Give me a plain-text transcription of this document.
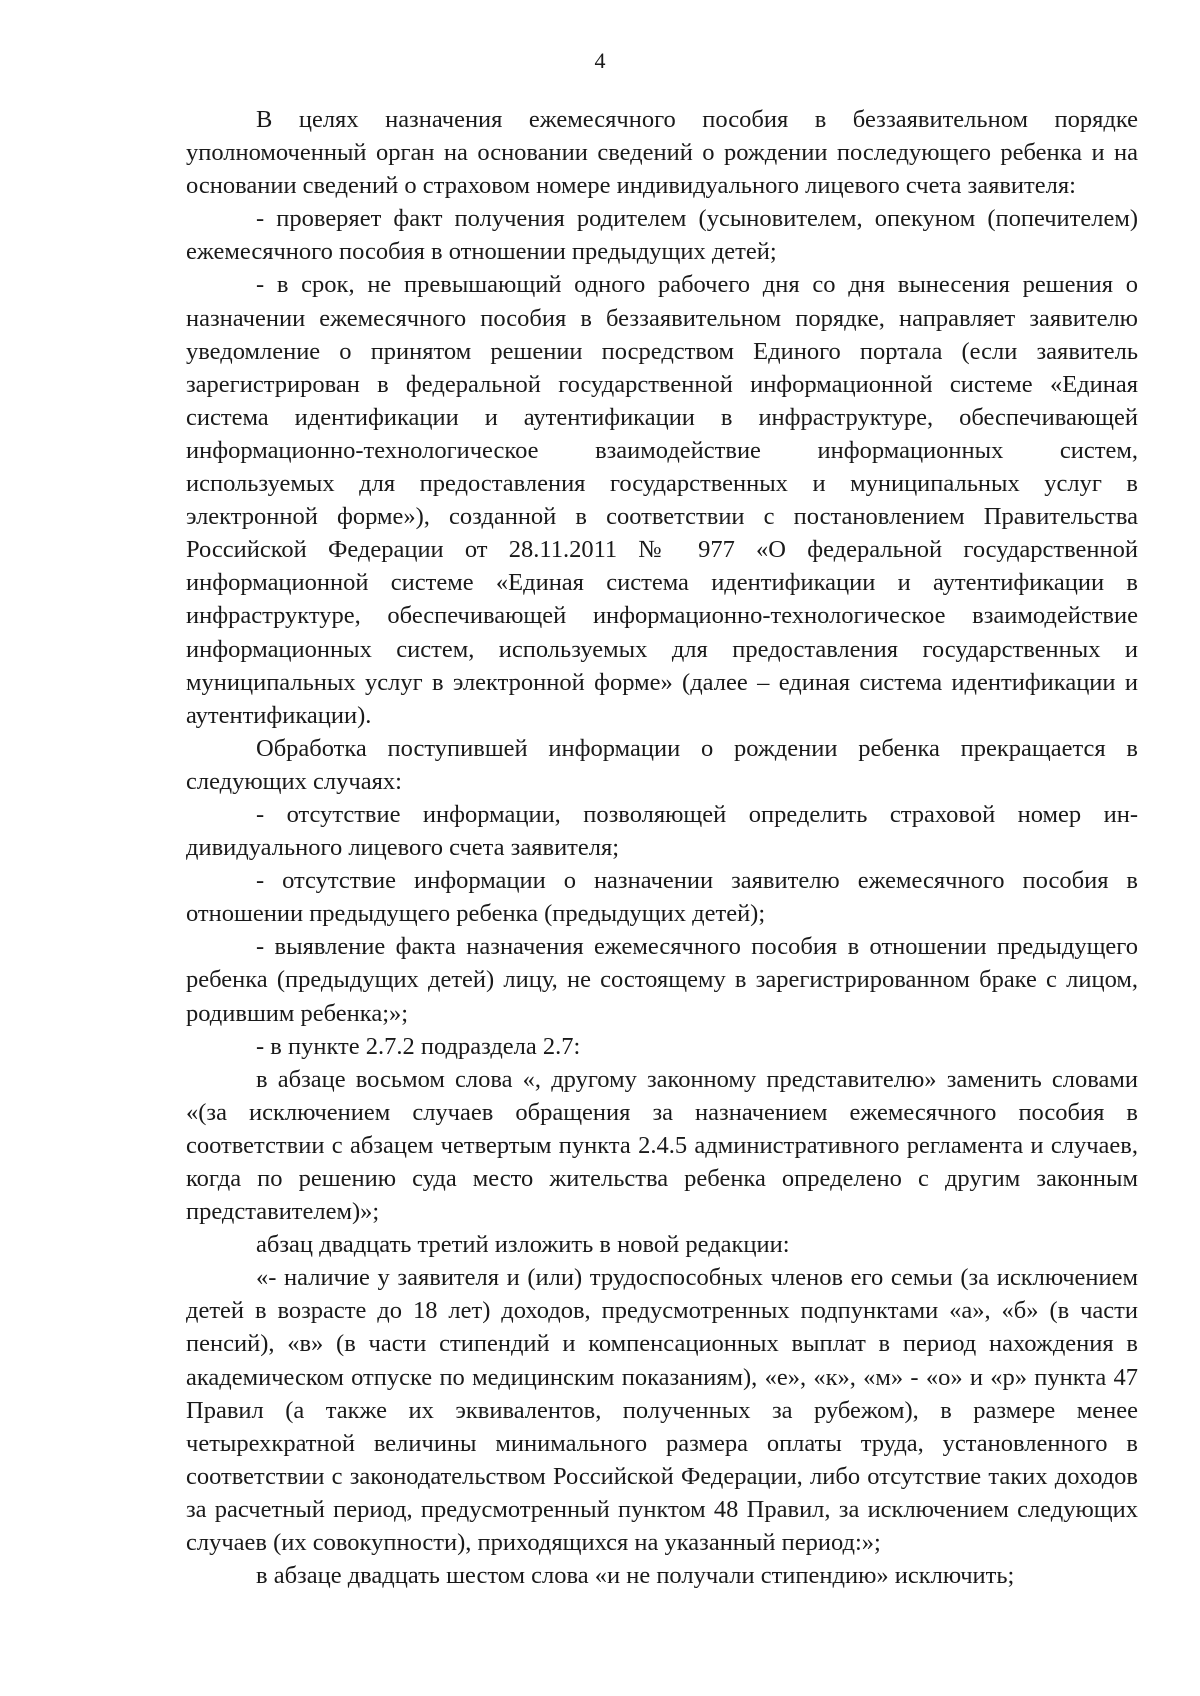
4

В целях назначения ежемесячного пособия в беззаявительном порядке уполномоченный орган на основании сведений о рождении последующего ребенка и на основании сведений о страховом номере индивидуального лицевого счета заявителя:

- проверяет факт получения родителем (усыновителем, опекуном (попечителем) ежемесячного пособия в отношении предыдущих детей;

- в срок, не превышающий одного рабочего дня со дня вынесения решения о назначении ежемесячного пособия в беззаявительном порядке, направляет заявителю уведомление о принятом решении посредством Единого портала (если заявитель зарегистрирован в федеральной государственной информационной системе «Единая система идентификации и аутентификации в инфраструктуре, обеспечивающей информационно-технологическое взаимодействие информационных систем, используемых для предоставления государственных и муниципальных услуг в электронной форме»), созданной в соответствии с постановлением Правительства Российской Федерации от 28.11.2011 № 977 «О федеральной государственной информационной системе «Единая система идентификации и аутентификации в инфраструктуре, обеспечивающей информационно-технологическое взаимодействие информационных систем, используемых для предоставления государственных и муниципальных услуг в электронной форме» (далее – единая система идентификации и аутентификации).

Обработка поступившей информации о рождении ребенка прекращается в следующих случаях:

- отсутствие информации, позволяющей определить страховой номер индивидуального лицевого счета заявителя;

- отсутствие информации о назначении заявителю ежемесячного пособия в отношении предыдущего ребенка (предыдущих детей);

- выявление факта назначения ежемесячного пособия в отношении предыдущего ребенка (предыдущих детей) лицу, не состоящему в зарегистрированном браке с лицом, родившим ребенка;»;

- в пункте 2.7.2 подраздела 2.7:

в абзаце восьмом слова «, другому законному представителю» заменить словами «(за исключением случаев обращения за назначением ежемесячного пособия в соответствии с абзацем четвертым пункта 2.4.5 административного регламента и случаев, когда по решению суда место жительства ребенка определено с другим законным представителем)»;

абзац двадцать третий изложить в новой редакции:

«- наличие у заявителя и (или) трудоспособных членов его семьи (за исключением детей в возрасте до 18 лет) доходов, предусмотренных подпунктами «а», «б» (в части пенсий), «в» (в части стипендий и компенсационных выплат в период нахождения в академическом отпуске по медицинским показаниям), «е», «к», «м» - «о» и «р» пункта 47 Правил (а также их эквивалентов, полученных за рубежом), в размере менее четырехкратной величины минимального размера оплаты труда, установленного в соответствии с законодательством Российской Федерации, либо отсутствие таких доходов за расчетный период, предусмотренный пунктом 48 Правил, за исключением следующих случаев (их совокупности), приходящихся на указанный период:»;

в абзаце двадцать шестом слова «и не получали стипендию» исключить;
